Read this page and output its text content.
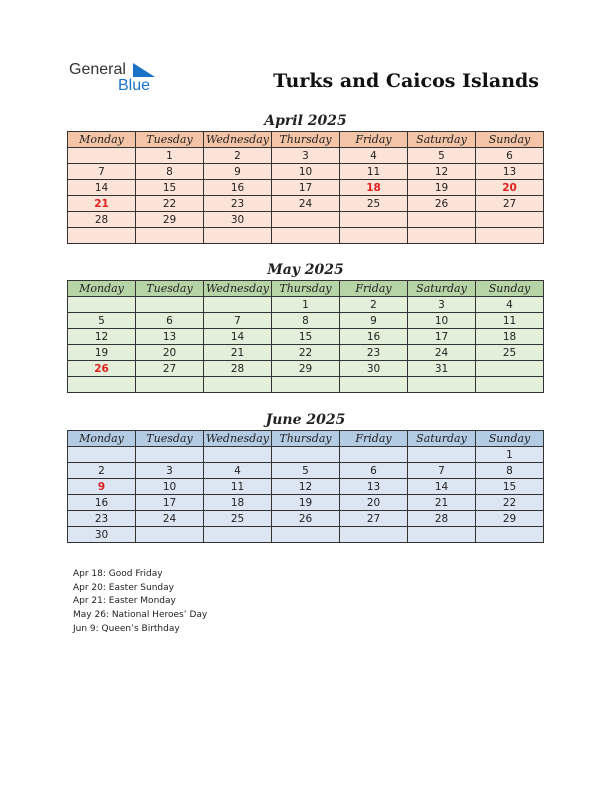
General
Blue	Turks and Caicos Islands
April 2025
Monday	Tuesday	Wednesday	Thursday	Friday	Saturday	Sunday
	1	2	3	4	5	6
7	8	9	10	11	12	13
14	15	16	17	18	19	20
21	22	23	24	25	26	27
28	29	30				

May 2025
Monday	Tuesday	Wednesday	Thursday	Friday	Saturday	Sunday
			1	2	3	4
5	6	7	8	9	10	11
12	13	14	15	16	17	18
19	20	21	22	23	24	25
26	27	28	29	30	31	

June 2025
Monday	Tuesday	Wednesday	Thursday	Friday	Saturday	Sunday
						1
2	3	4	5	6	7	8
9	10	11	12	13	14	15
16	17	18	19	20	21	22
23	24	25	26	27	28	29
30						
Apr 18: Good Friday
Apr 20: Easter Sunday
Apr 21: Easter Monday
May 26: National Heroes’ Day
Jun 9: Queen’s Birthday
